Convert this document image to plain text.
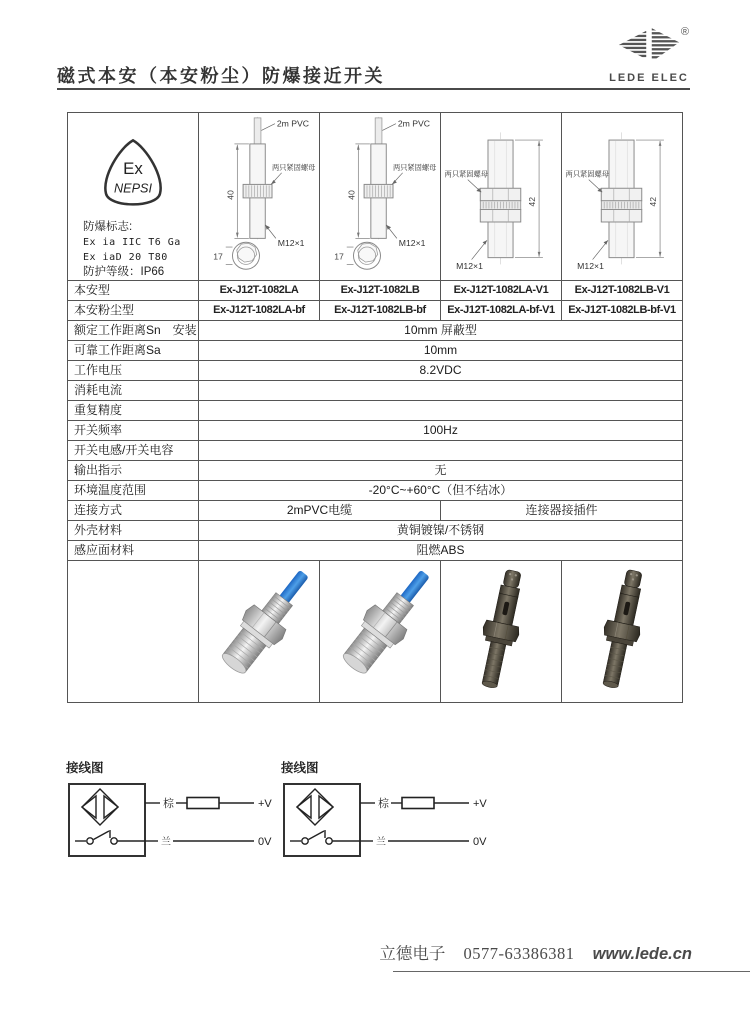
磁式本安（本安粉尘）防爆接近开关
®
LEDE ELEC
Ex
NEPSI
防爆标志:
Ex ia IIC T6 Ga
Ex iaD 20 T80
防护等级：IP66

40
2m PVC
两只紧固螺母
M12×1
17

40
2m PVC
两只紧固螺母
M12×1
17

42
两只紧固螺母
M12×1

42
两只紧固螺母
M12×1

本安型	Ex-J12T-1082LA	Ex-J12T-1082LB	Ex-J12T-1082LA-V1	Ex-J12T-1082LB-V1
本安粉尘型	Ex-J12T-1082LA-bf	Ex-J12T-1082LB-bf	Ex-J12T-1082LA-bf-V1	Ex-J12T-1082LB-bf-V1
额定工作距离Sn　安装	10mm 屏蔽型			
可靠工作距离Sa	10mm			
工作电压	8.2VDC			
消耗电流				
重复精度				
开关频率	100Hz			
开关电感/开关电容				
输出指示	无			
环境温度范围	-20°C~+60°C（但不结冰）			
连接方式	2mPVC电缆		连接器接插件	
外壳材料	黄铜镀镍/不锈钢			
感应面材料	阻燃ABS			

接线图
棕	+V
兰	0V
接线图
棕	+V
兰	0V
立德电子 0577-63386381 www.lede.cn
